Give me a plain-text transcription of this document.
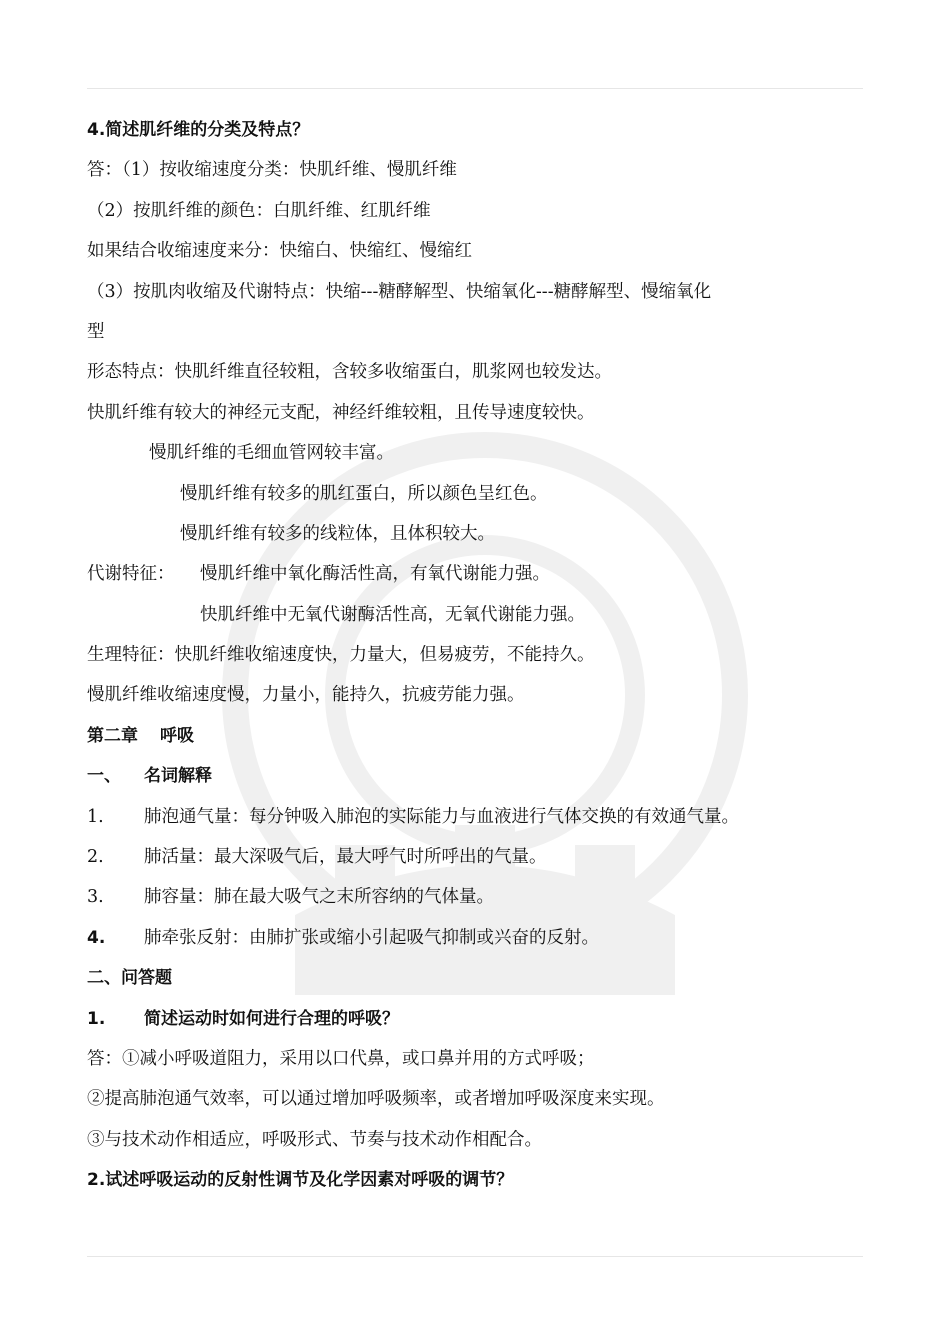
4.简述肌纤维的分类及特点？
答：（1）按收缩速度分类：快肌纤维、慢肌纤维
（2）按肌纤维的颜色：白肌纤维、红肌纤维
如果结合收缩速度来分：快缩白、快缩红、慢缩红
（3）按肌肉收缩及代谢特点：快缩---糖酵解型、快缩氧化---糖酵解型、慢缩氧化
型
形态特点：快肌纤维直径较粗，含较多收缩蛋白，肌浆网也较发达。
快肌纤维有较大的神经元支配，神经纤维较粗，且传导速度较快。
慢肌纤维的毛细血管网较丰富。
慢肌纤维有较多的肌红蛋白，所以颜色呈红色。
慢肌纤维有较多的线粒体，且体积较大。
代谢特征： 慢肌纤维中氧化酶活性高，有氧代谢能力强。
快肌纤维中无氧代谢酶活性高，无氧代谢能力强。
生理特征：快肌纤维收缩速度快，力量大，但易疲劳，不能持久。
慢肌纤维收缩速度慢，力量小，能持久，抗疲劳能力强。
第二章 呼吸
一、 名词解释
1. 肺泡通气量：每分钟吸入肺泡的实际能力与血液进行气体交换的有效通气量。
2. 肺活量：最大深吸气后，最大呼气时所呼出的气量。
3. 肺容量：肺在最大吸气之末所容纳的气体量。
4. 肺牵张反射：由肺扩张或缩小引起吸气抑制或兴奋的反射。
二、问答题
1. 简述运动时如何进行合理的呼吸？
答：①减小呼吸道阻力，采用以口代鼻，或口鼻并用的方式呼吸；
②提高肺泡通气效率，可以通过增加呼吸频率，或者增加呼吸深度来实现。
③与技术动作相适应，呼吸形式、节奏与技术动作相配合。
2.试述呼吸运动的反射性调节及化学因素对呼吸的调节？
